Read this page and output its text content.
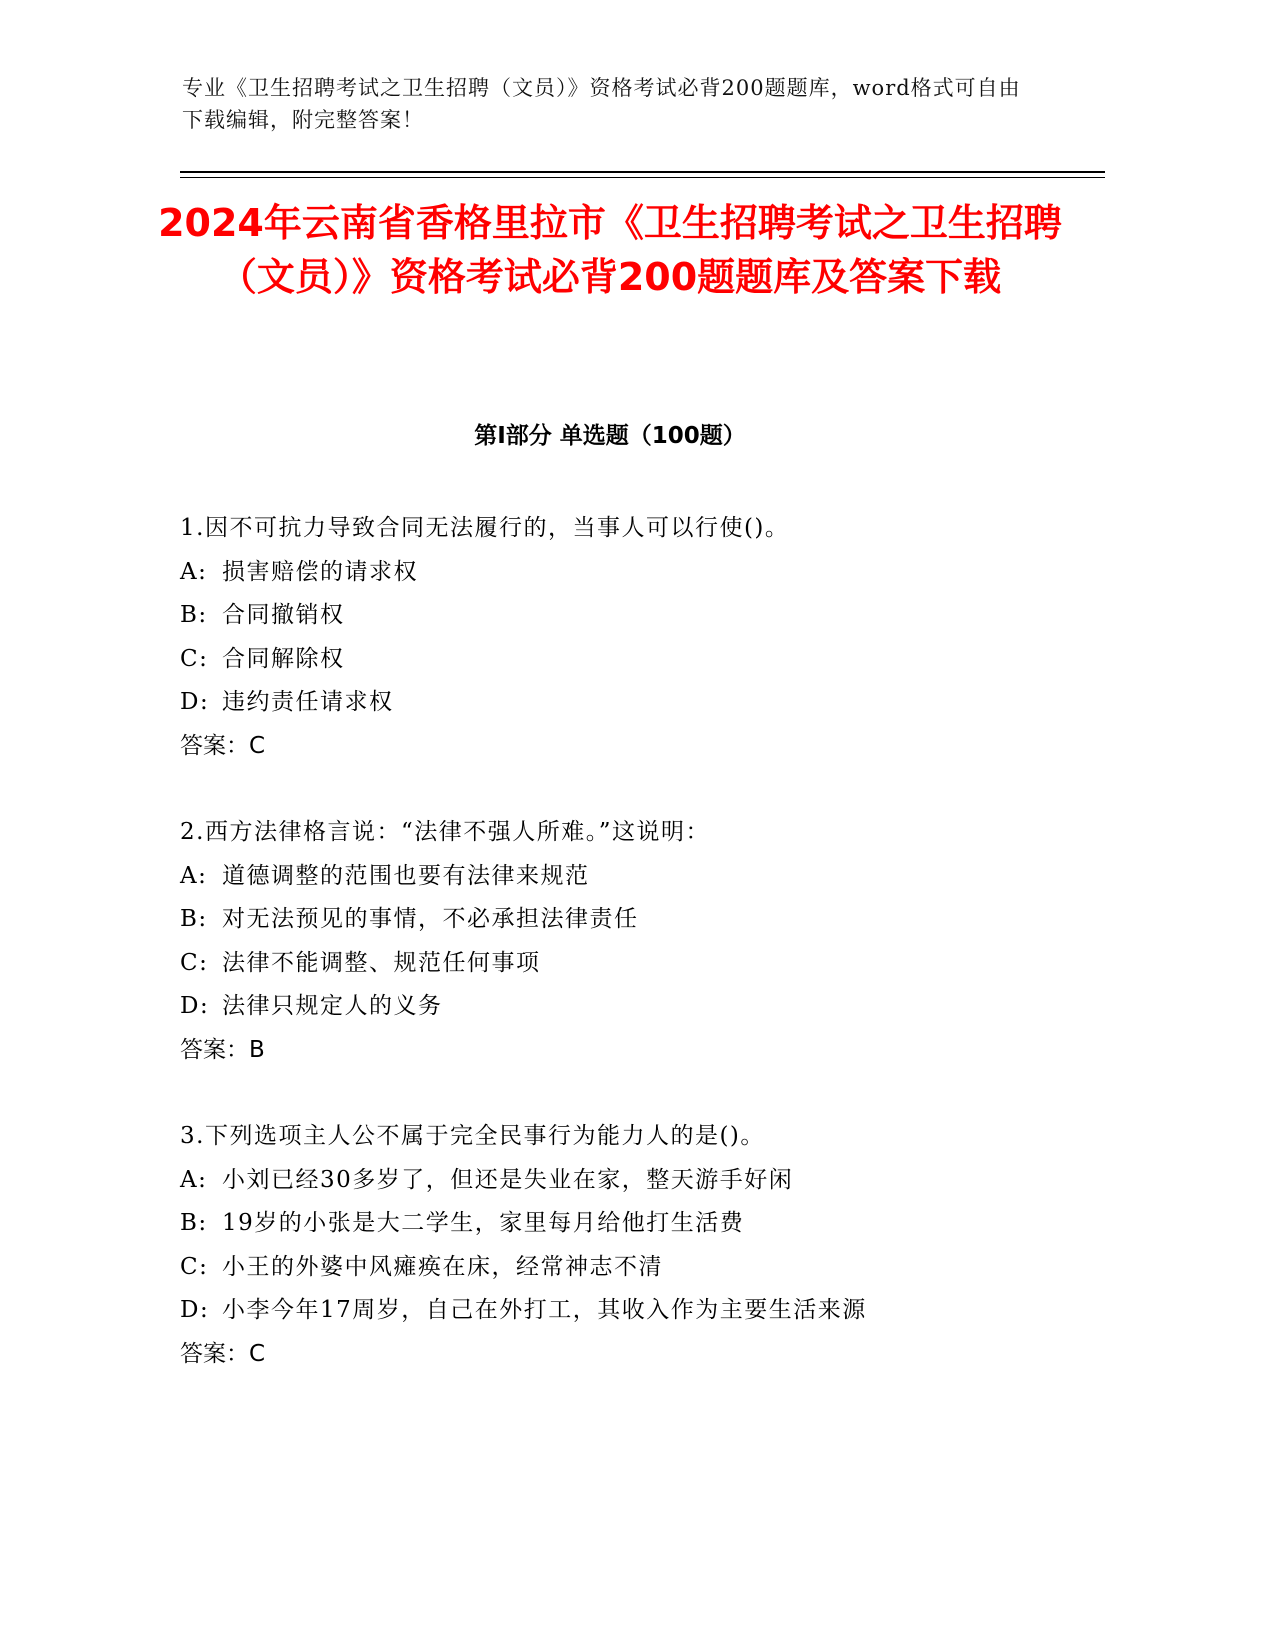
专业《卫生招聘考试之卫生招聘（文员）》资格考试必背200题题库，word格式可自由下载编辑，附完整答案！
2024年云南省香格里拉市《卫生招聘考试之卫生招聘（文员）》资格考试必背200题题库及答案下载
第Ⅰ部分 单选题（100题）
1.因不可抗力导致合同无法履行的，当事人可以行使()。
A: 损害赔偿的请求权
B: 合同撤销权
C: 合同解除权
D: 违约责任请求权
答案：C
2.西方法律格言说：“法律不强人所难。”这说明：
A: 道德调整的范围也要有法律来规范
B: 对无法预见的事情，不必承担法律责任
C: 法律不能调整、规范任何事项
D: 法律只规定人的义务
答案：B
3.下列选项主人公不属于完全民事行为能力人的是()。
A: 小刘已经30多岁了，但还是失业在家，整天游手好闲
B: 19岁的小张是大二学生，家里每月给他打生活费
C: 小王的外婆中风瘫痪在床，经常神志不清
D: 小李今年17周岁，自己在外打工，其收入作为主要生活来源
答案：C
